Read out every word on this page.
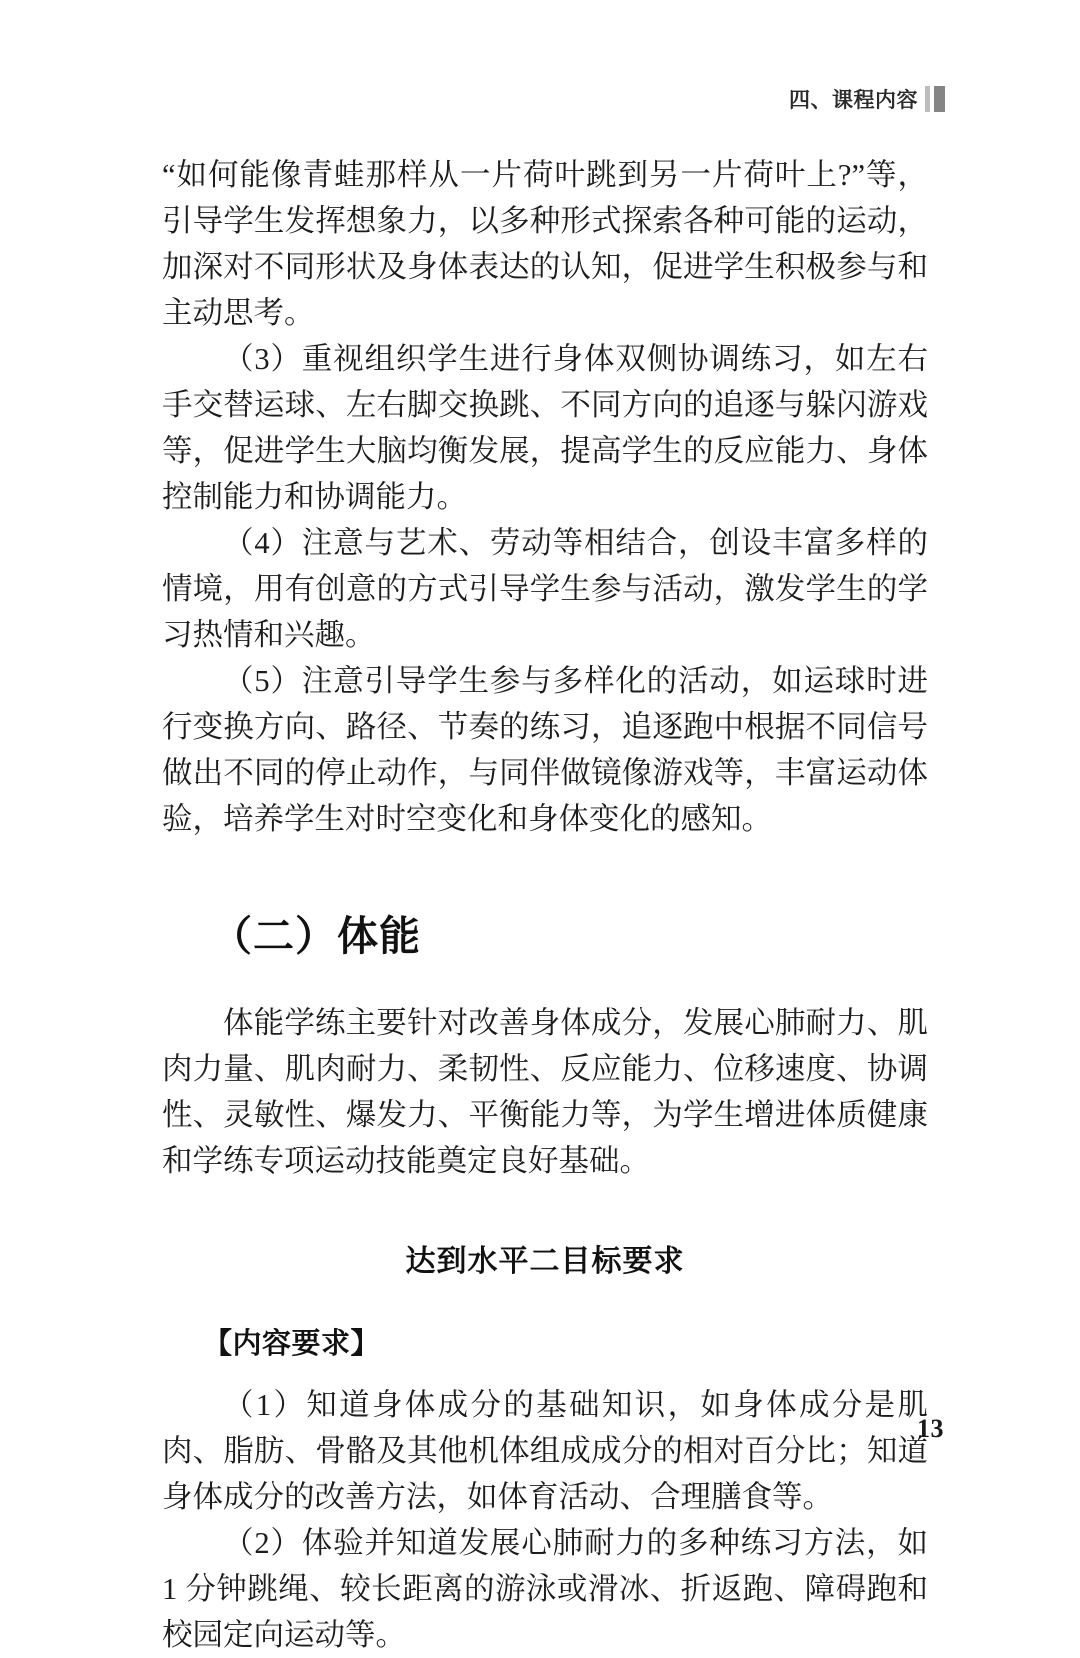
四、课程内容

“如何能像青蛙那样从一片荷叶跳到另一片荷叶上?”等，引导学生发挥想象力，以多种形式探索各种可能的运动，加深对不同形状及身体表达的认知，促进学生积极参与和主动思考。

（3）重视组织学生进行身体双侧协调练习，如左右手交替运球、左右脚交换跳、不同方向的追逐与躲闪游戏等，促进学生大脑均衡发展，提高学生的反应能力、身体控制能力和协调能力。

（4）注意与艺术、劳动等相结合，创设丰富多样的情境，用有创意的方式引导学生参与活动，激发学生的学习热情和兴趣。

（5）注意引导学生参与多样化的活动，如运球时进行变换方向、路径、节奏的练习，追逐跑中根据不同信号做出不同的停止动作，与同伴做镜像游戏等，丰富运动体验，培养学生对时空变化和身体变化的感知。

（二）体能

体能学练主要针对改善身体成分，发展心肺耐力、肌肉力量、肌肉耐力、柔韧性、反应能力、位移速度、协调性、灵敏性、爆发力、平衡能力等，为学生增进体质健康和学练专项运动技能奠定良好基础。

达到水平二目标要求
【内容要求】

（1）知道身体成分的基础知识，如身体成分是肌肉、脂肪、骨骼及其他机体组成成分的相对百分比；知道身体成分的改善方法，如体育活动、合理膳食等。

（2）体验并知道发展心肺耐力的多种练习方法，如 1 分钟跳绳、较长距离的游泳或滑冰、折返跑、障碍跑和校园定向运动等。

13
